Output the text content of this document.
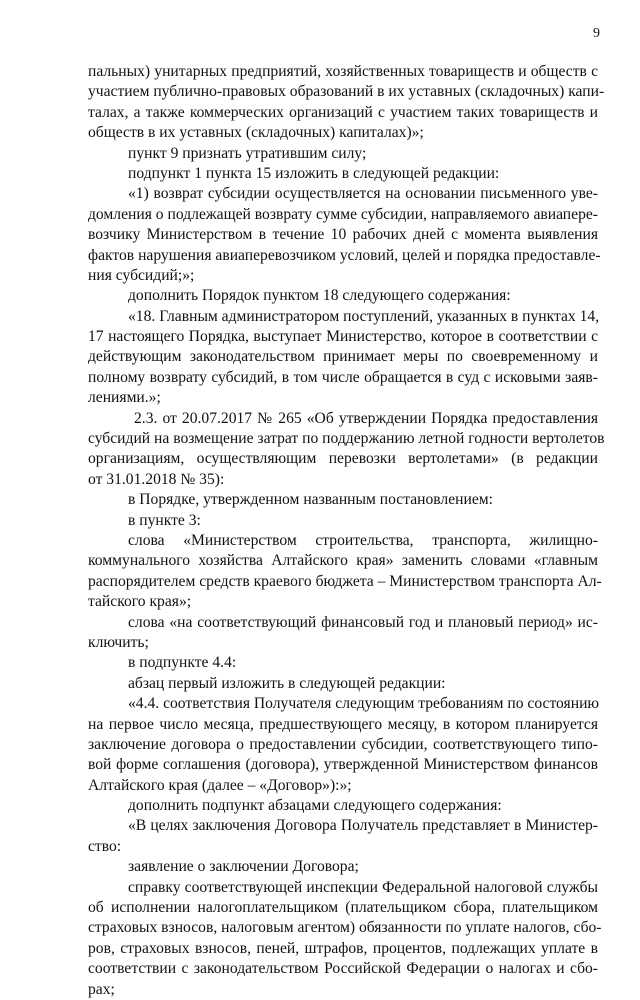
9
пальных) унитарных предприятий, хозяйственных товариществ и обществ с
участием публично-правовых образований в их уставных (складочных) капи-
талах, а также коммерческих организаций с участием таких товариществ и
обществ в их уставных (складочных) капиталах)»;
пункт 9 признать утратившим силу;
подпункт 1 пункта 15 изложить в следующей редакции:
«1) возврат субсидии осуществляется на основании письменного уве-
домления о подлежащей возврату сумме субсидии, направляемого авиапере-
возчику Министерством в течение 10 рабочих дней с момента выявления
фактов нарушения авиаперевозчиком условий, целей и порядка предоставле-
ния субсидий;»;
дополнить Порядок пунктом 18 следующего содержания:
«18. Главным администратором поступлений, указанных в пунктах 14,
17 настоящего Порядка, выступает Министерство, которое в соответствии с
действующим законодательством принимает меры по своевременному и
полному возврату субсидий, в том числе обращается в суд с исковыми заяв-
лениями.»;
2.3. от 20.07.2017 № 265 «Об утверждении Порядка предоставления
субсидий на возмещение затрат по поддержанию летной годности вертолетов
организациям, осуществляющим перевозки вертолетами» (в редакции
от 31.01.2018 № 35):
в Порядке, утвержденном названным постановлением:
в пункте 3:
слова «Министерством строительства, транспорта, жилищно-
коммунального хозяйства Алтайского края» заменить словами «главным
распорядителем средств краевого бюджета – Министерством транспорта Ал-
тайского края»;
слова «на соответствующий финансовый год и плановый период» ис-
ключить;
в подпункте 4.4:
абзац первый изложить в следующей редакции:
«4.4. соответствия Получателя следующим требованиям по состоянию
на первое число месяца, предшествующего месяцу, в котором планируется
заключение договора о предоставлении субсидии, соответствующего типо-
вой форме соглашения (договора), утвержденной Министерством финансов
Алтайского края (далее – «Договор»):»;
дополнить подпункт абзацами следующего содержания:
«В целях заключения Договора Получатель представляет в Министер-
ство:
заявление о заключении Договора;
справку соответствующей инспекции Федеральной налоговой службы
об исполнении налогоплательщиком (плательщиком сбора, плательщиком
страховых взносов, налоговым агентом) обязанности по уплате налогов, сбо-
ров, страховых взносов, пеней, штрафов, процентов, подлежащих уплате в
соответствии с законодательством Российской Федерации о налогах и сбо-
рах;
